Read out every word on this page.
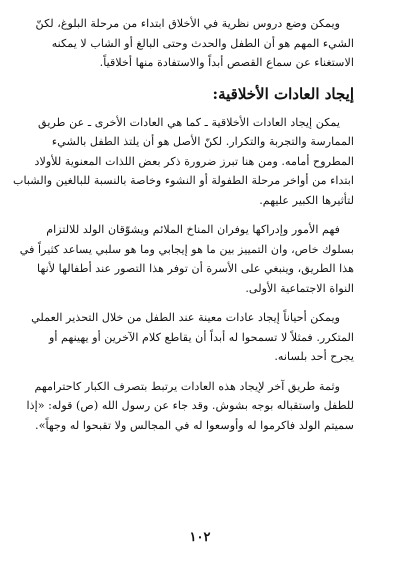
ويمكن وضع دروس نظرية في الأخلاق ابتداء من مرحلة البلوغ، لكنّ
الشيء المهم هو أن الطفل والحدث وحتى البالغ أو الشاب لا يمكنه
الاستغناء عن سماع القصص أبداً والاستفادة منها أخلاقياً.

إيجاد العادات الأخلاقية:

يمكن إيجاد العادات الأخلاقية ـ كما هي العادات الأخرى ـ عن طريق
الممارسة والتجربة والتكرار. لكنّ الأصل هو أن يلتذ الطفل بالشيء
المطروح أمامه. ومن هنا تبرز ضرورة ذكر بعض اللذات المعنوية للأولاد
ابتداء من أواخر مرحلة الطفولة أو النشوء وخاصة بالنسبة للبالغين والشباب
لتأثيرها الكبير عليهم.

فهم الأمور وإدراكها يوفران المناخ الملائم ويشوّقان الولد للالتزام
بسلوك خاص، وان التمييز بين ما هو إيجابي وما هو سلبي يساعد كثيراً في
هذا الطريق، وينبغي على الأسرة أن توفر هذا التصور عند أطفالها لأنها
النواة الاجتماعية الأولى.

ويمكن أحياناً إيجاد عادات معينة عند الطفل من خلال التحذير العملي
المتكرر. فمثلاً لا تسمحوا له أبداً أن يقاطع كلام الآخرين أو يهينهم أو
يجرح أحد بلسانه.

وثمة طريق آخر لإيجاد هذه العادات يرتبط بتصرف الكبار كاحترامهم
للطفل واستقباله بوجه بشوش. وقد جاء عن رسول الله (ص) قوله: «إذا
سميتم الولد فاكرموا له وأوسعوا له في المجالس ولا تقبحوا له وجهاً».

١٠٢
